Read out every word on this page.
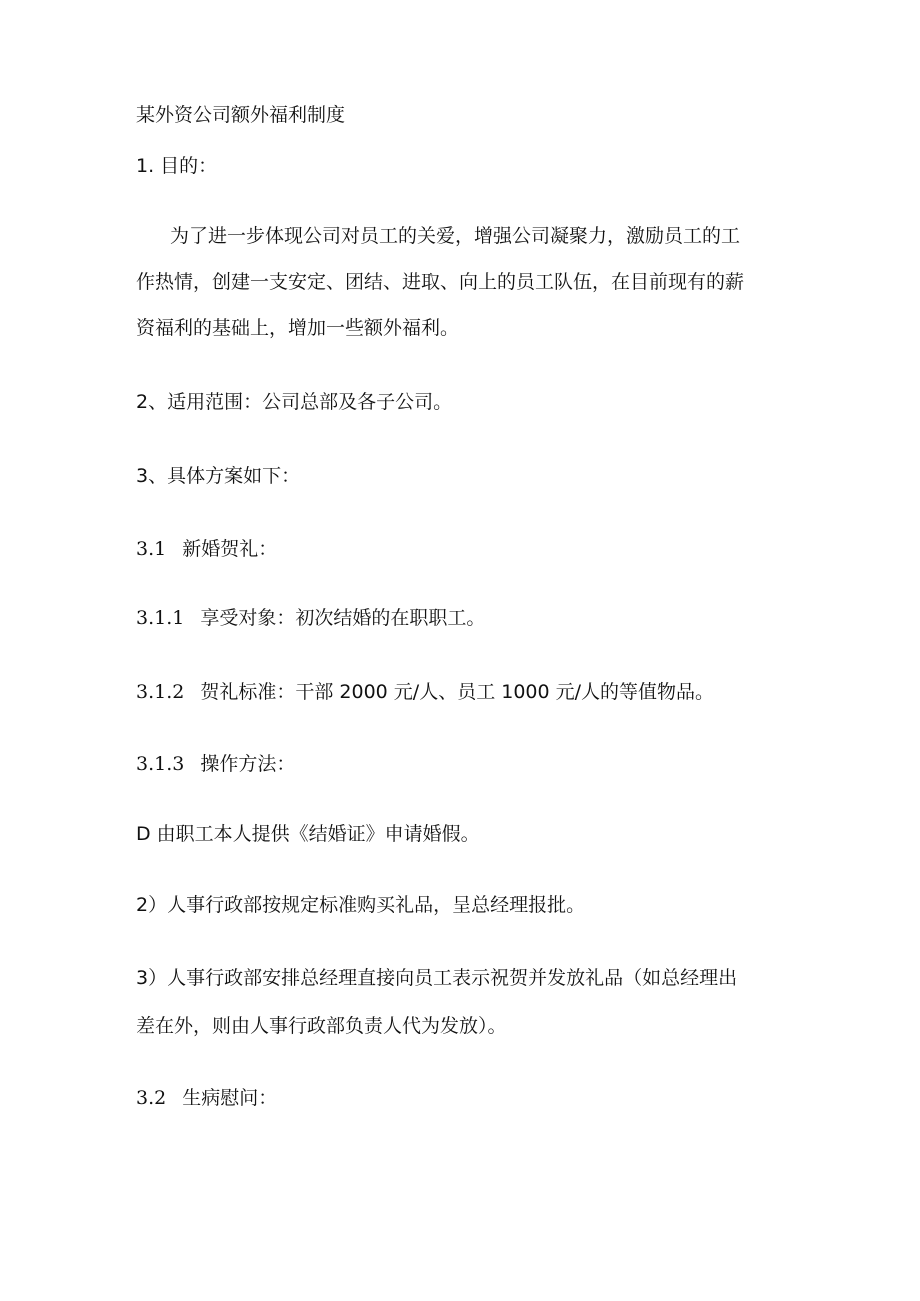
某外资公司额外福利制度
1. 目的：
为了进一步体现公司对员工的关爱，增强公司凝聚力，激励员工的工
作热情，创建一支安定、团结、进取、向上的员工队伍，在目前现有的薪
资福利的基础上，增加一些额外福利。
2、适用范围：公司总部及各子公司。
3、具体方案如下：
3.1 新婚贺礼：
3.1.1 享受对象：初次结婚的在职职工。
3.1.2 贺礼标准：干部 2000 元/人、员工 1000 元/人的等值物品。
3.1.3 操作方法：
D 由职工本人提供《结婚证》申请婚假。
2）人事行政部按规定标准购买礼品，呈总经理报批。
3）人事行政部安排总经理直接向员工表示祝贺并发放礼品（如总经理出
差在外，则由人事行政部负责人代为发放）。
3.2 生病慰问：
